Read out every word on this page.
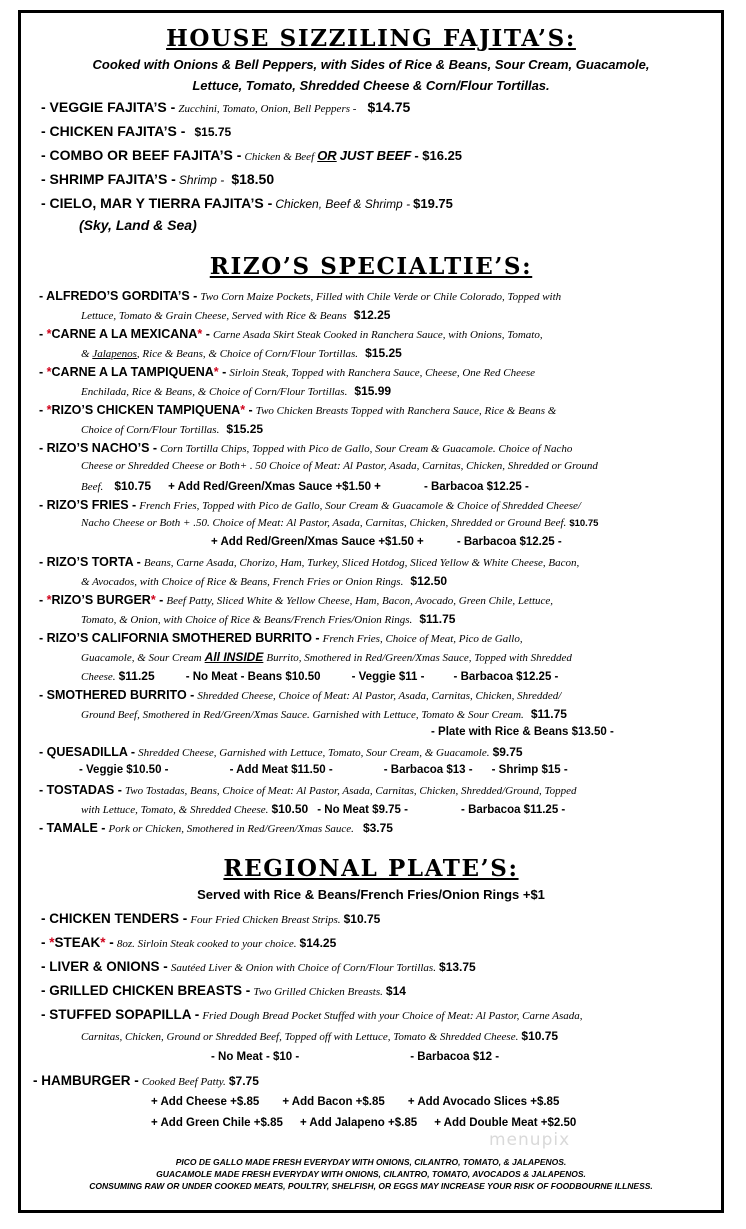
HOUSE SIZZILING FAJITA’S:
Cooked with Onions & Bell Peppers, with Sides of Rice & Beans, Sour Cream, Guacamole,
Lettuce, Tomato, Shredded Cheese & Corn/Flour Tortillas.
- VEGGIE FAJITA’S - Zucchini, Tomato, Onion, Bell Peppers - $14.75
- CHICKEN FAJITA’S - $15.75
- COMBO OR BEEF FAJITA’S - Chicken & Beef OR JUST BEEF - $16.25
- SHRIMP FAJITA’S - Shrimp - $18.50
- CIELO, MAR Y TIERRA FAJITA’S - Chicken, Beef & Shrimp - $19.75
(Sky, Land & Sea)
RIZO’S SPECIALTIE’S:
- ALFREDO’S GORDITA’S - Two Corn Maize Pockets, Filled with Chile Verde or Chile Colorado, Topped with
Lettuce, Tomato & Grain Cheese, Served with Rice & Beans $12.25
- *CARNE A LA MEXICANA* - Carne Asada Skirt Steak Cooked in Ranchera Sauce, with Onions, Tomato,
& Jalapenos, Rice & Beans, & Choice of Corn/Flour Tortillas. $15.25
- *CARNE A LA TAMPIQUENA* - Sirloin Steak, Topped with Ranchera Sauce, Cheese, One Red Cheese
Enchilada, Rice & Beans, & Choice of Corn/Flour Tortillas. $15.99
- *RIZO’S CHICKEN TAMPIQUENA* - Two Chicken Breasts Topped with Ranchera Sauce, Rice & Beans &
Choice of Corn/Flour Tortillas. $15.25
- RIZO’S NACHO’S - Corn Tortilla Chips, Topped with Pico de Gallo, Sour Cream & Guacamole. Choice of Nacho
Cheese or Shredded Cheese or Both+ . 50 Choice of Meat: Al Pastor, Asada, Carnitas, Chicken, Shredded or Ground
Beef. $10.75 + Add Red/Green/Xmas Sauce +$1.50 +	- Barbacoa $12.25 -
- RIZO’S FRIES - French Fries, Topped with Pico de Gallo, Sour Cream & Guacamole & Choice of Shredded Cheese/
Nacho Cheese or Both + .50. Choice of Meat: Al Pastor, Asada, Carnitas, Chicken, Shredded or Ground Beef. $10.75
+ Add Red/Green/Xmas Sauce +$1.50 +	- Barbacoa $12.25 -
- RIZO’S TORTA - Beans, Carne Asada, Chorizo, Ham, Turkey, Sliced Hotdog, Sliced Yellow & White Cheese, Bacon,
& Avocados, with Choice of Rice & Beans, French Fries or Onion Rings. $12.50
- *RIZO’S BURGER* - Beef Patty, Sliced White & Yellow Cheese, Ham, Bacon, Avocado, Green Chile, Lettuce,
Tomato, & Onion, with Choice of Rice & Beans/French Fries/Onion Rings. $11.75
- RIZO’S CALIFORNIA SMOTHERED BURRITO - French Fries, Choice of Meat, Pico de Gallo,
Guacamole, & Sour Cream All INSIDE Burrito, Smothered in Red/Green/Xmas Sauce, Topped with Shredded
Cheese. $11.25	- No Meat - Beans $10.50	- Veggie $11 -	- Barbacoa $12.25 -
- SMOTHERED BURRITO - Shredded Cheese, Choice of Meat: Al Pastor, Asada, Carnitas, Chicken, Shredded/
Ground Beef, Smothered in Red/Green/Xmas Sauce. Garnished with Lettuce, Tomato & Sour Cream. $11.75
- Plate with Rice & Beans $13.50 -
- QUESADILLA - Shredded Cheese, Garnished with Lettuce, Tomato, Sour Cream, & Guacamole. $9.75
- Veggie $10.50 -	- Add Meat $11.50 -	- Barbacoa $13 - - Shrimp $15 -
- TOSTADAS - Two Tostadas, Beans, Choice of Meat: Al Pastor, Asada, Carnitas, Chicken, Shredded/Ground, Topped
with Lettuce, Tomato, & Shredded Cheese. $10.50 - No Meat $9.75 -	- Barbacoa $11.25 -
- TAMALE - Pork or Chicken, Smothered in Red/Green/Xmas Sauce. $3.75
REGIONAL PLATE’S:
Served with Rice & Beans/French Fries/Onion Rings +$1
- CHICKEN TENDERS - Four Fried Chicken Breast Strips. $10.75
- *STEAK* - 8oz. Sirloin Steak cooked to your choice. $14.25
- LIVER & ONIONS - Sautéed Liver & Onion with Choice of Corn/Flour Tortillas. $13.75
- GRILLED CHICKEN BREASTS - Two Grilled Chicken Breasts. $14
- STUFFED SOPAPILLA - Fried Dough Bread Pocket Stuffed with your Choice of Meat: Al Pastor, Carne Asada,
Carnitas, Chicken, Ground or Shredded Beef, Topped off with Lettuce, Tomato & Shredded Cheese. $10.75
- No Meat - $10 -	- Barbacoa $12 -
- HAMBURGER - Cooked Beef Patty. $7.75
+ Add Cheese +$.85 + Add Bacon +$.85 + Add Avocado Slices +$.85
+ Add Green Chile +$.85 + Add Jalapeno +$.85 + Add Double Meat +$2.50
menupix
PICO DE GALLO MADE FRESH EVERYDAY WITH ONIONS, CILANTRO, TOMATO, & JALAPENOS.
GUACAMOLE MADE FRESH EVERYDAY WITH ONIONS, CILANTRO, TOMATO, AVOCADOS & JALAPENOS.
CONSUMING RAW OR UNDER COOKED MEATS, POULTRY, SHELFISH, OR EGGS MAY INCREASE YOUR RISK OF FOODBOURNE ILLNESS.
